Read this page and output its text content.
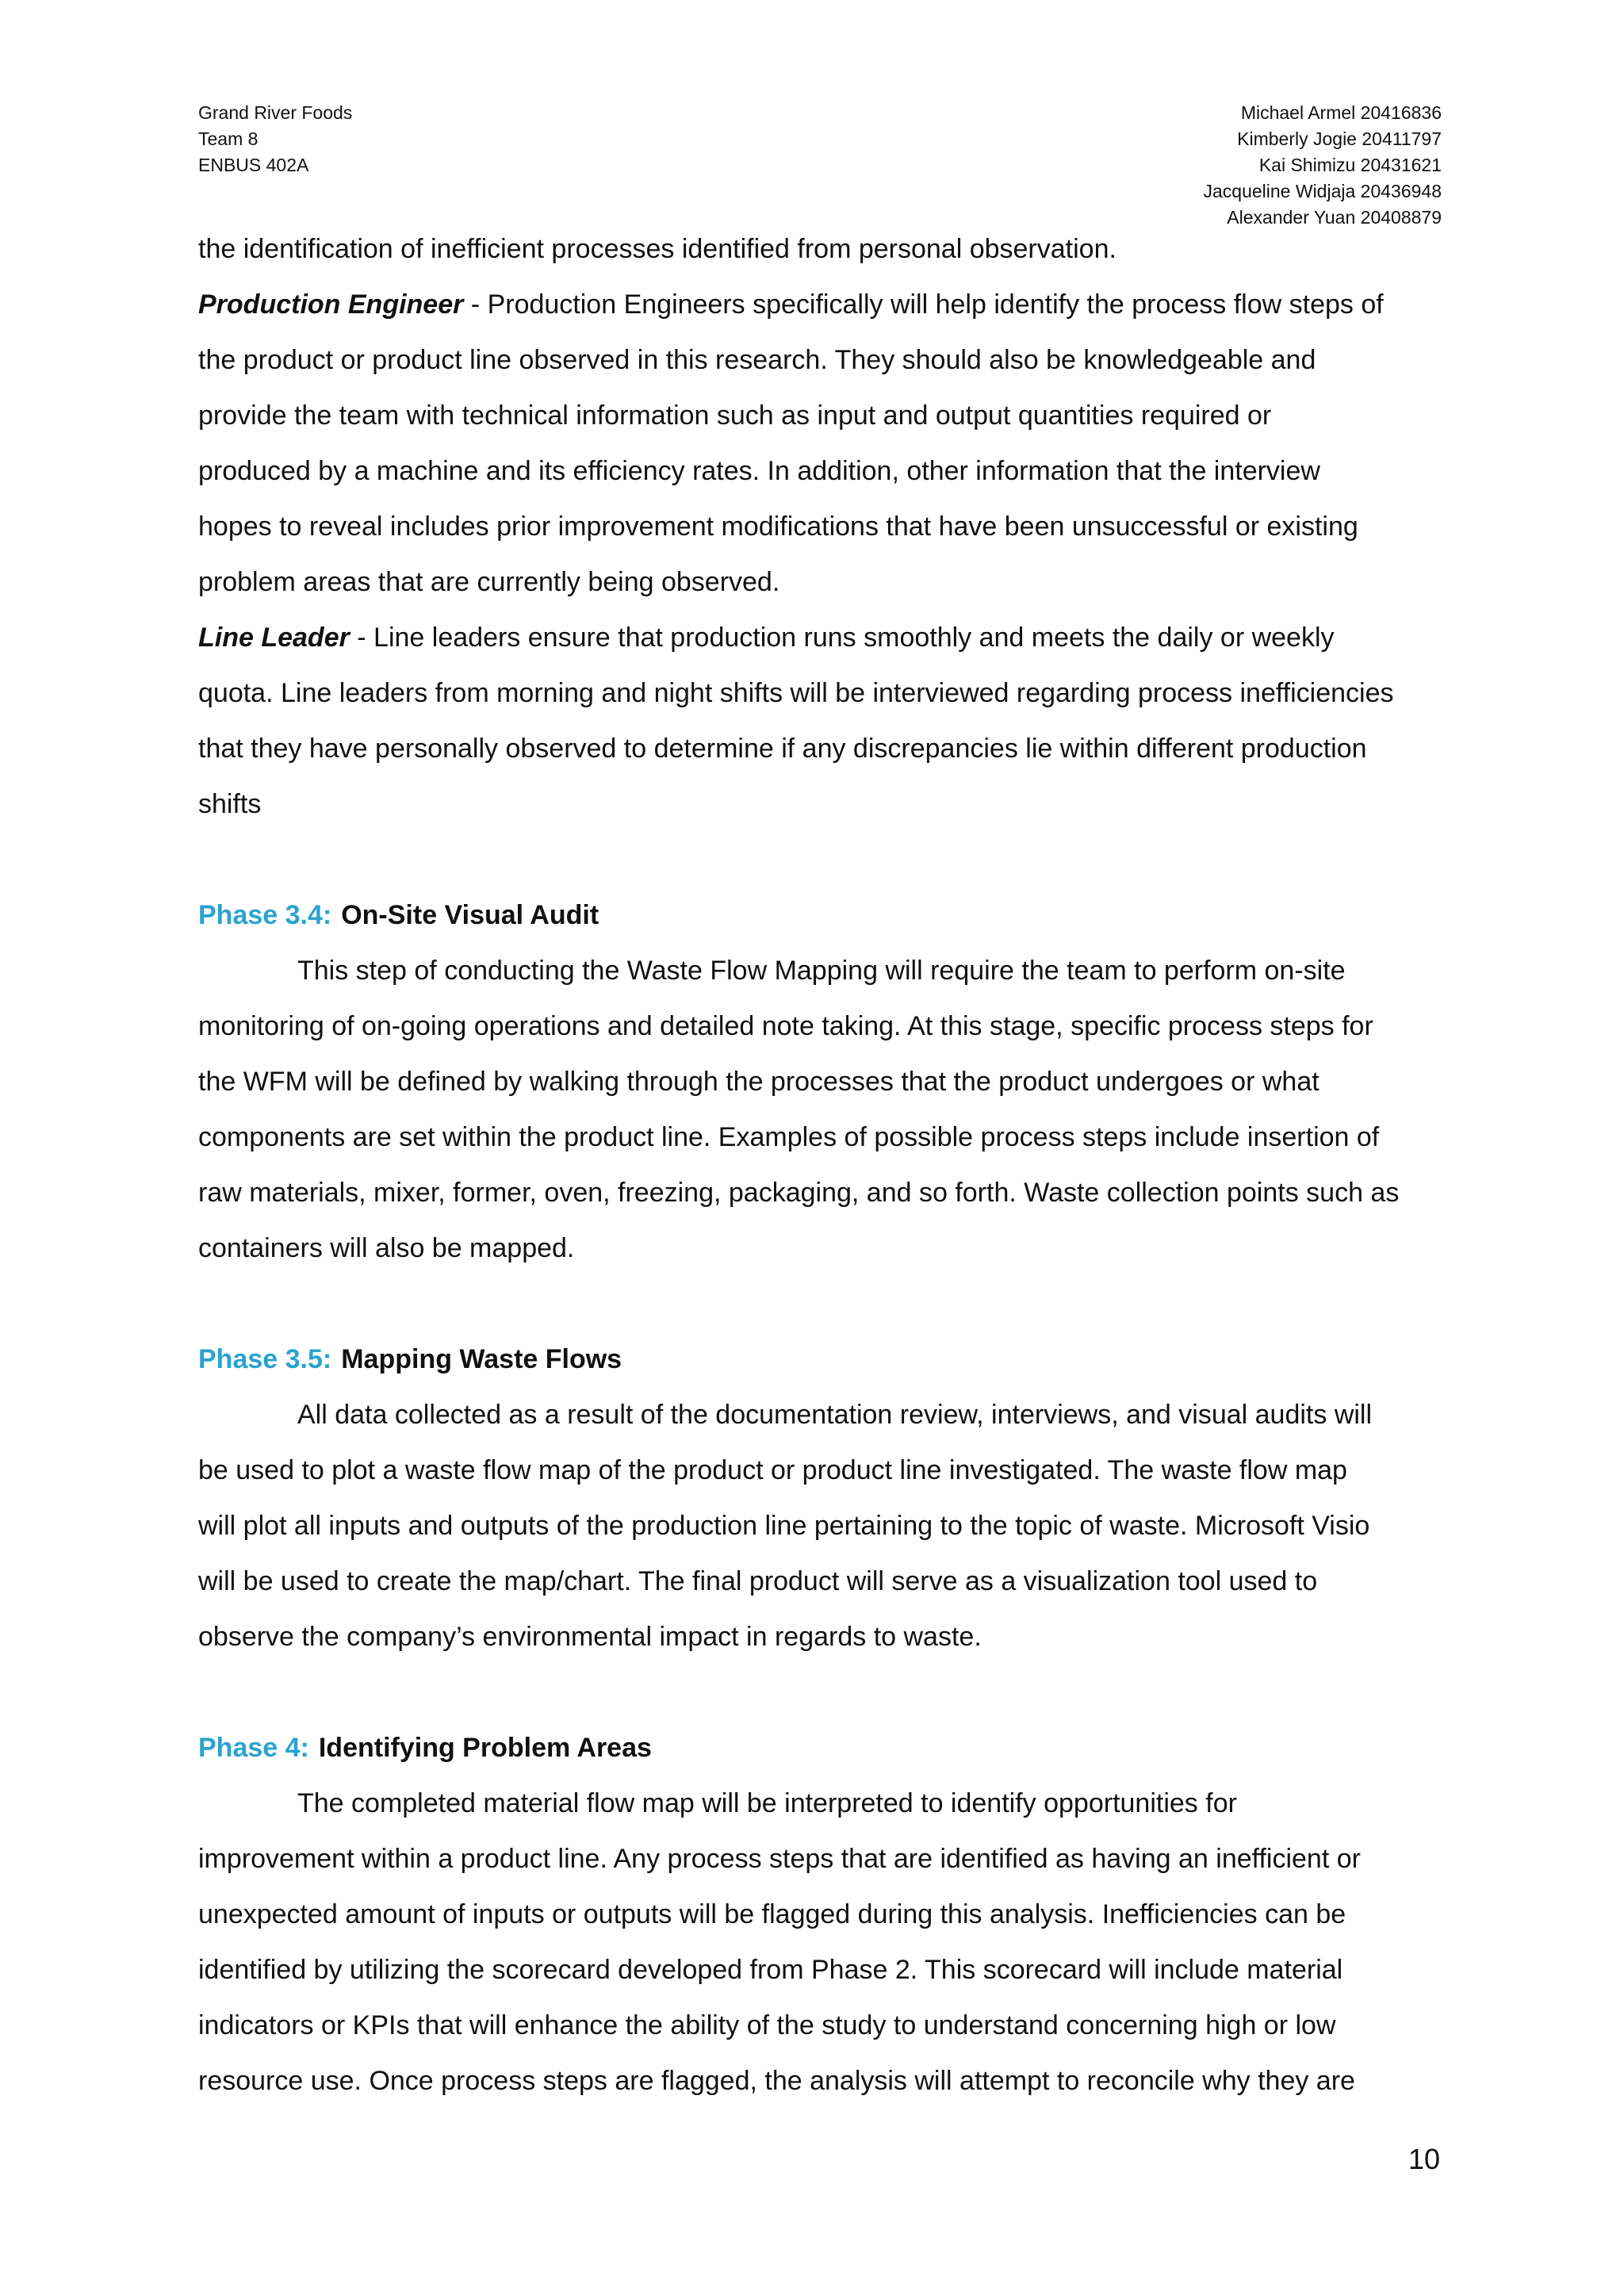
Grand River Foods
Team 8
ENBUS 402A
Michael Armel 20416836
Kimberly Jogie 20411797
Kai Shimizu 20431621
Jacqueline Widjaja 20436948
Alexander Yuan 20408879
the identification of inefficient processes identified from personal observation.
Production Engineer - Production Engineers specifically will help identify the process flow steps of
the product or product line observed in this research. They should also be knowledgeable and
provide the team with technical information such as input and output quantities required or
produced by a machine and its efficiency rates. In addition, other information that the interview
hopes to reveal includes prior improvement modifications that have been unsuccessful or existing
problem areas that are currently being observed.
Line Leader - Line leaders ensure that production runs smoothly and meets the daily or weekly
quota. Line leaders from morning and night shifts will be interviewed regarding process inefficiencies
that they have personally observed to determine if any discrepancies lie within different production
shifts
Phase 3.4: On-Site Visual Audit
This step of conducting the Waste Flow Mapping will require the team to perform on-site
monitoring of on-going operations and detailed note taking. At this stage, specific process steps for
the WFM will be defined by walking through the processes that the product undergoes or what
components are set within the product line. Examples of possible process steps include insertion of
raw materials, mixer, former, oven, freezing, packaging, and so forth. Waste collection points such as
containers will also be mapped.
Phase 3.5: Mapping Waste Flows
All data collected as a result of the documentation review, interviews, and visual audits will
be used to plot a waste flow map of the product or product line investigated. The waste flow map
will plot all inputs and outputs of the production line pertaining to the topic of waste. Microsoft Visio
will be used to create the map/chart. The final product will serve as a visualization tool used to
observe the company’s environmental impact in regards to waste.
Phase 4: Identifying Problem Areas
The completed material flow map will be interpreted to identify opportunities for
improvement within a product line. Any process steps that are identified as having an inefficient or
unexpected amount of inputs or outputs will be flagged during this analysis. Inefficiencies can be
identified by utilizing the scorecard developed from Phase 2. This scorecard will include material
indicators or KPIs that will enhance the ability of the study to understand concerning high or low
resource use. Once process steps are flagged, the analysis will attempt to reconcile why they are
10
